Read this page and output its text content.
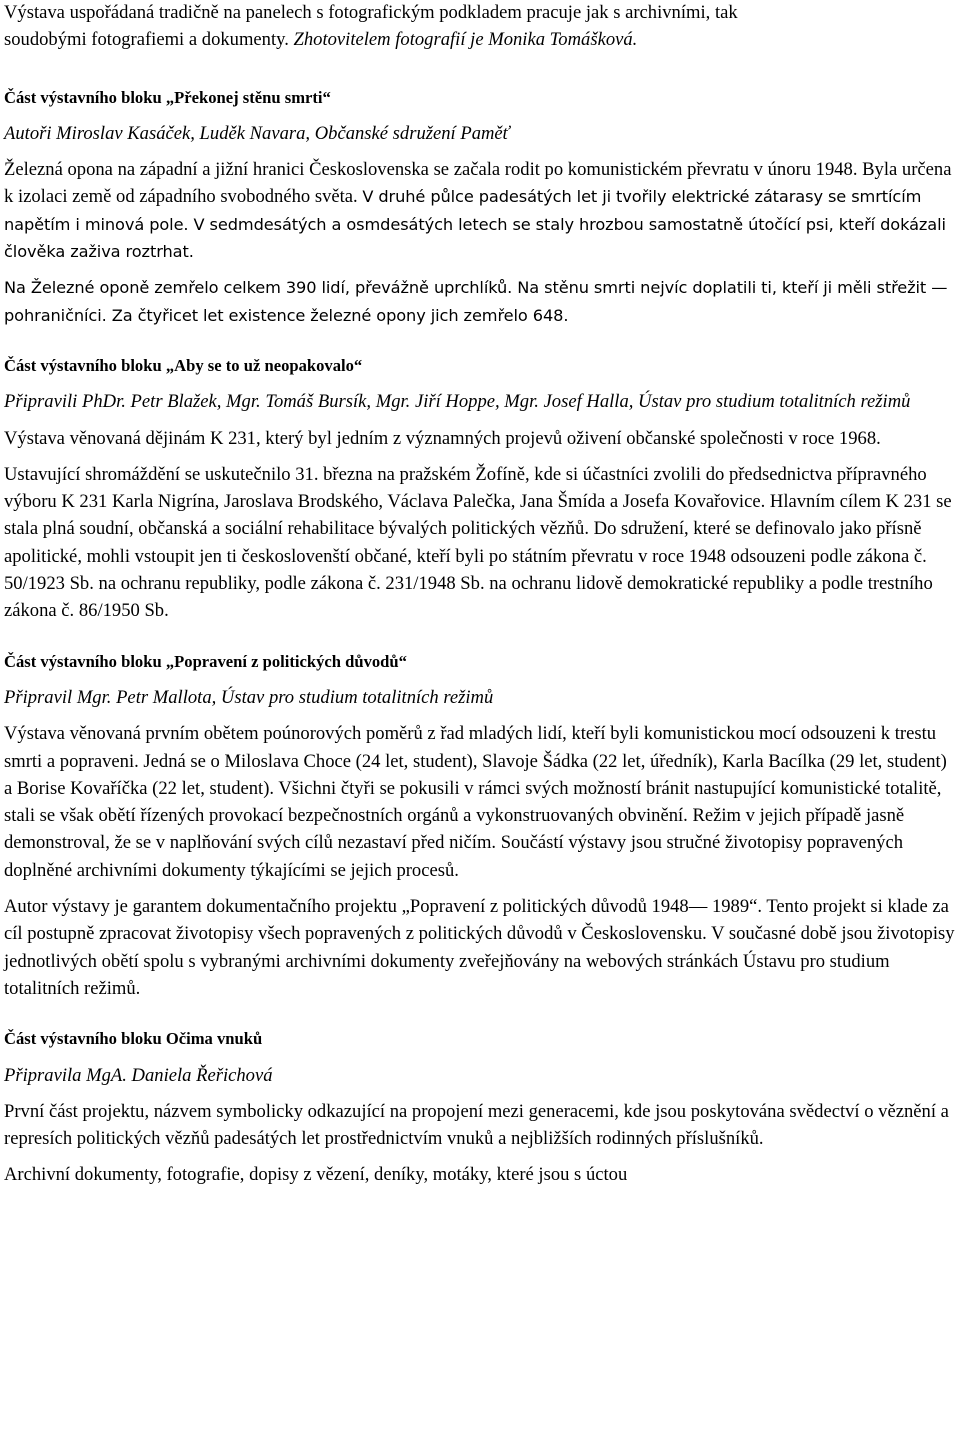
Výstava uspořádaná tradičně na panelech s fotografickým podkladem pracuje jak s archivními, tak
soudobými fotografiemi a dokumenty. Zhotovitelem fotografií je Monika Tomášková.

Část výstavního bloku „Překonej stěnu smrti“

Autoři Miroslav Kasáček, Luděk Navara, Občanské sdružení Paměť

Železná opona na západní a jižní hranici Československa se začala rodit po komunistickém převratu v únoru 1948. Byla určena k izolaci země od západního svobodného světa. V druhé půlce padesátých let ji tvořily elektrické zátarasy se smrtícím napětím i minová pole. V sedmdesátých a osmdesátých letech se staly hrozbou samostatně útočící psi, kteří dokázali člověka zaživa roztrhat.

Na Železné oponě zemřelo celkem 390 lidí, převážně uprchlíků. Na stěnu smrti nejvíc doplatili ti, kteří ji měli střežit — pohraničníci. Za čtyřicet let existence železné opony jich zemřelo 648.

Část výstavního bloku „Aby se to už neopakovalo“

Připravili PhDr. Petr Blažek, Mgr. Tomáš Bursík, Mgr. Jiří Hoppe, Mgr. Josef Halla, Ústav pro studium totalitních režimů

Výstava věnovaná dějinám K 231, který byl jedním z významných projevů oživení občanské společnosti v roce 1968.

Ustavující shromáždění se uskutečnilo 31. března na pražském Žofíně, kde si účastníci zvolili do předsednictva přípravného výboru K 231 Karla Nigrína, Jaroslava Brodského, Václava Palečka, Jana Šmída a Josefa Kovařovice. Hlavním cílem K 231 se stala plná soudní, občanská a sociální rehabilitace bývalých politických vězňů. Do sdružení, které se definovalo jako přísně apolitické, mohli vstoupit jen ti českoslovenští občané, kteří byli po státním převratu v roce 1948 odsouzeni podle zákona č. 50/1923 Sb. na ochranu republiky, podle zákona č. 231/1948 Sb. na ochranu lidově demokratické republiky a podle trestního zákona č. 86/1950 Sb.

Část výstavního bloku „Popravení z politických důvodů“

Připravil Mgr. Petr Mallota, Ústav pro studium totalitních režimů

Výstava věnovaná prvním obětem poúnorových poměrů z řad mladých lidí, kteří byli komunistickou mocí odsouzeni k trestu smrti a popraveni. Jedná se o Miloslava Choce (24 let, student), Slavoje Šádka (22 let, úředník), Karla Bacílka (29 let, student) a Borise Kovaříčka (22 let, student). Všichni čtyři se pokusili v rámci svých možností bránit nastupující komunistické totalitě, stali se však obětí řízených provokací bezpečnostních orgánů a vykonstruovaných obvinění. Režim v jejich případě jasně demonstroval, že se v naplňování svých cílů nezastaví před ničím. Součástí výstavy jsou stručné životopisy popravených doplněné archivními dokumenty týkajícími se jejich procesů.

Autor výstavy je garantem dokumentačního projektu „Popravení z politických důvodů 1948— 1989“. Tento projekt si klade za cíl postupně zpracovat životopisy všech popravených z politických důvodů v Československu. V současné době jsou životopisy jednotlivých obětí spolu s vybranými archivními dokumenty zveřejňovány na webových stránkách Ústavu pro studium totalitních režimů.

Část výstavního bloku Očima vnuků

Připravila MgA. Daniela Řeřichová

První část projektu, názvem symbolicky odkazující na propojení mezi generacemi, kde jsou poskytována svědectví o věznění a represích politických vězňů padesátých let prostřednictvím vnuků a nejbližších rodinných příslušníků.

Archivní dokumenty, fotografie, dopisy z vězení, deníky, motáky, které jsou s úctou
